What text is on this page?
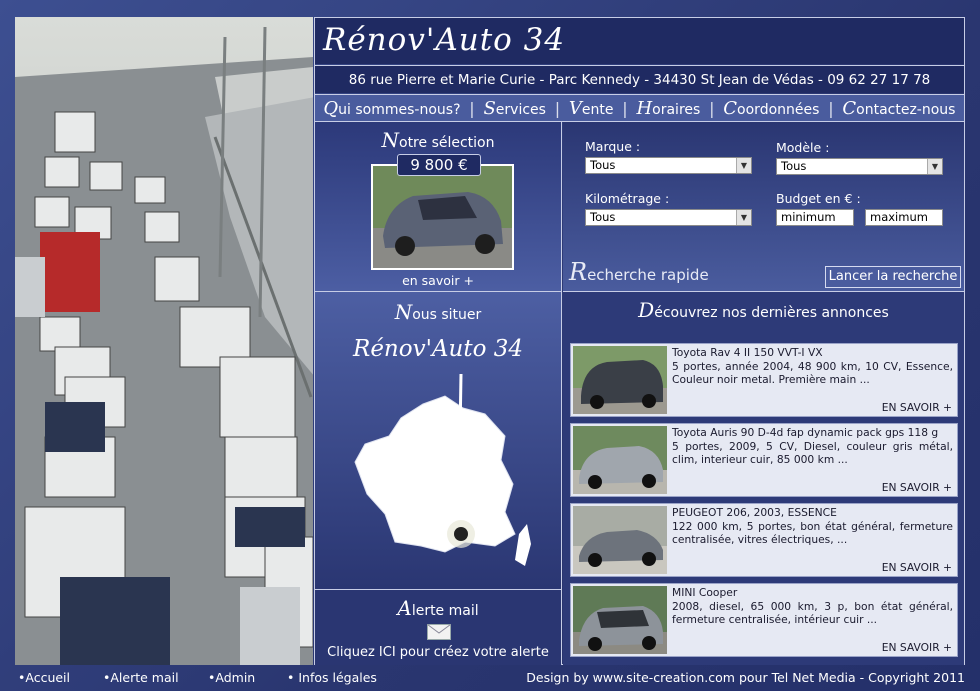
Rénov'Auto 34
86 rue Pierre et Marie Curie - Parc Kennedy - 34430 St Jean de Védas - 09 62 27 17 78
Qui sommes-nous? | Services | Vente | Horaires | Coordonnées | Contactez-nous
Notre sélection
9 800 €
en savoir +
Marque :
Tous	▼
Modèle :
Tous	▼
Kilométrage :
Tous	▼
Budget en € :
minimum	maximum
Recherche rapide	Lancer la recherche
Nous situer
Rénov'Auto 34
Alerte mail
Cliquez ICI pour créez votre alerte
Découvrez nos dernières annonces
Toyota Rav 4 II 150 VVT-I VX
5 portes, année 2004, 48 900 km, 10 CV, Essence, Couleur noir metal. Première main ...
EN SAVOIR +
Toyota Auris 90 D-4d fap dynamic pack gps 118 g
5 portes, 2009, 5 CV, Diesel, couleur gris métal, clim, interieur cuir, 85 000 km ...
EN SAVOIR +
PEUGEOT 206, 2003, ESSENCE
122 000 km, 5 portes, bon état général, fermeture centralisée, vitres électriques, ...
EN SAVOIR +
MINI Cooper
2008, diesel, 65 000 km, 3 p, bon état général, fermeture centralisée, intérieur cuir ...
EN SAVOIR +
•Accueil	•Alerte mail •Admin	• Infos légales	Design by www.site-creation.com pour Tel Net Media - Copyright 2011
